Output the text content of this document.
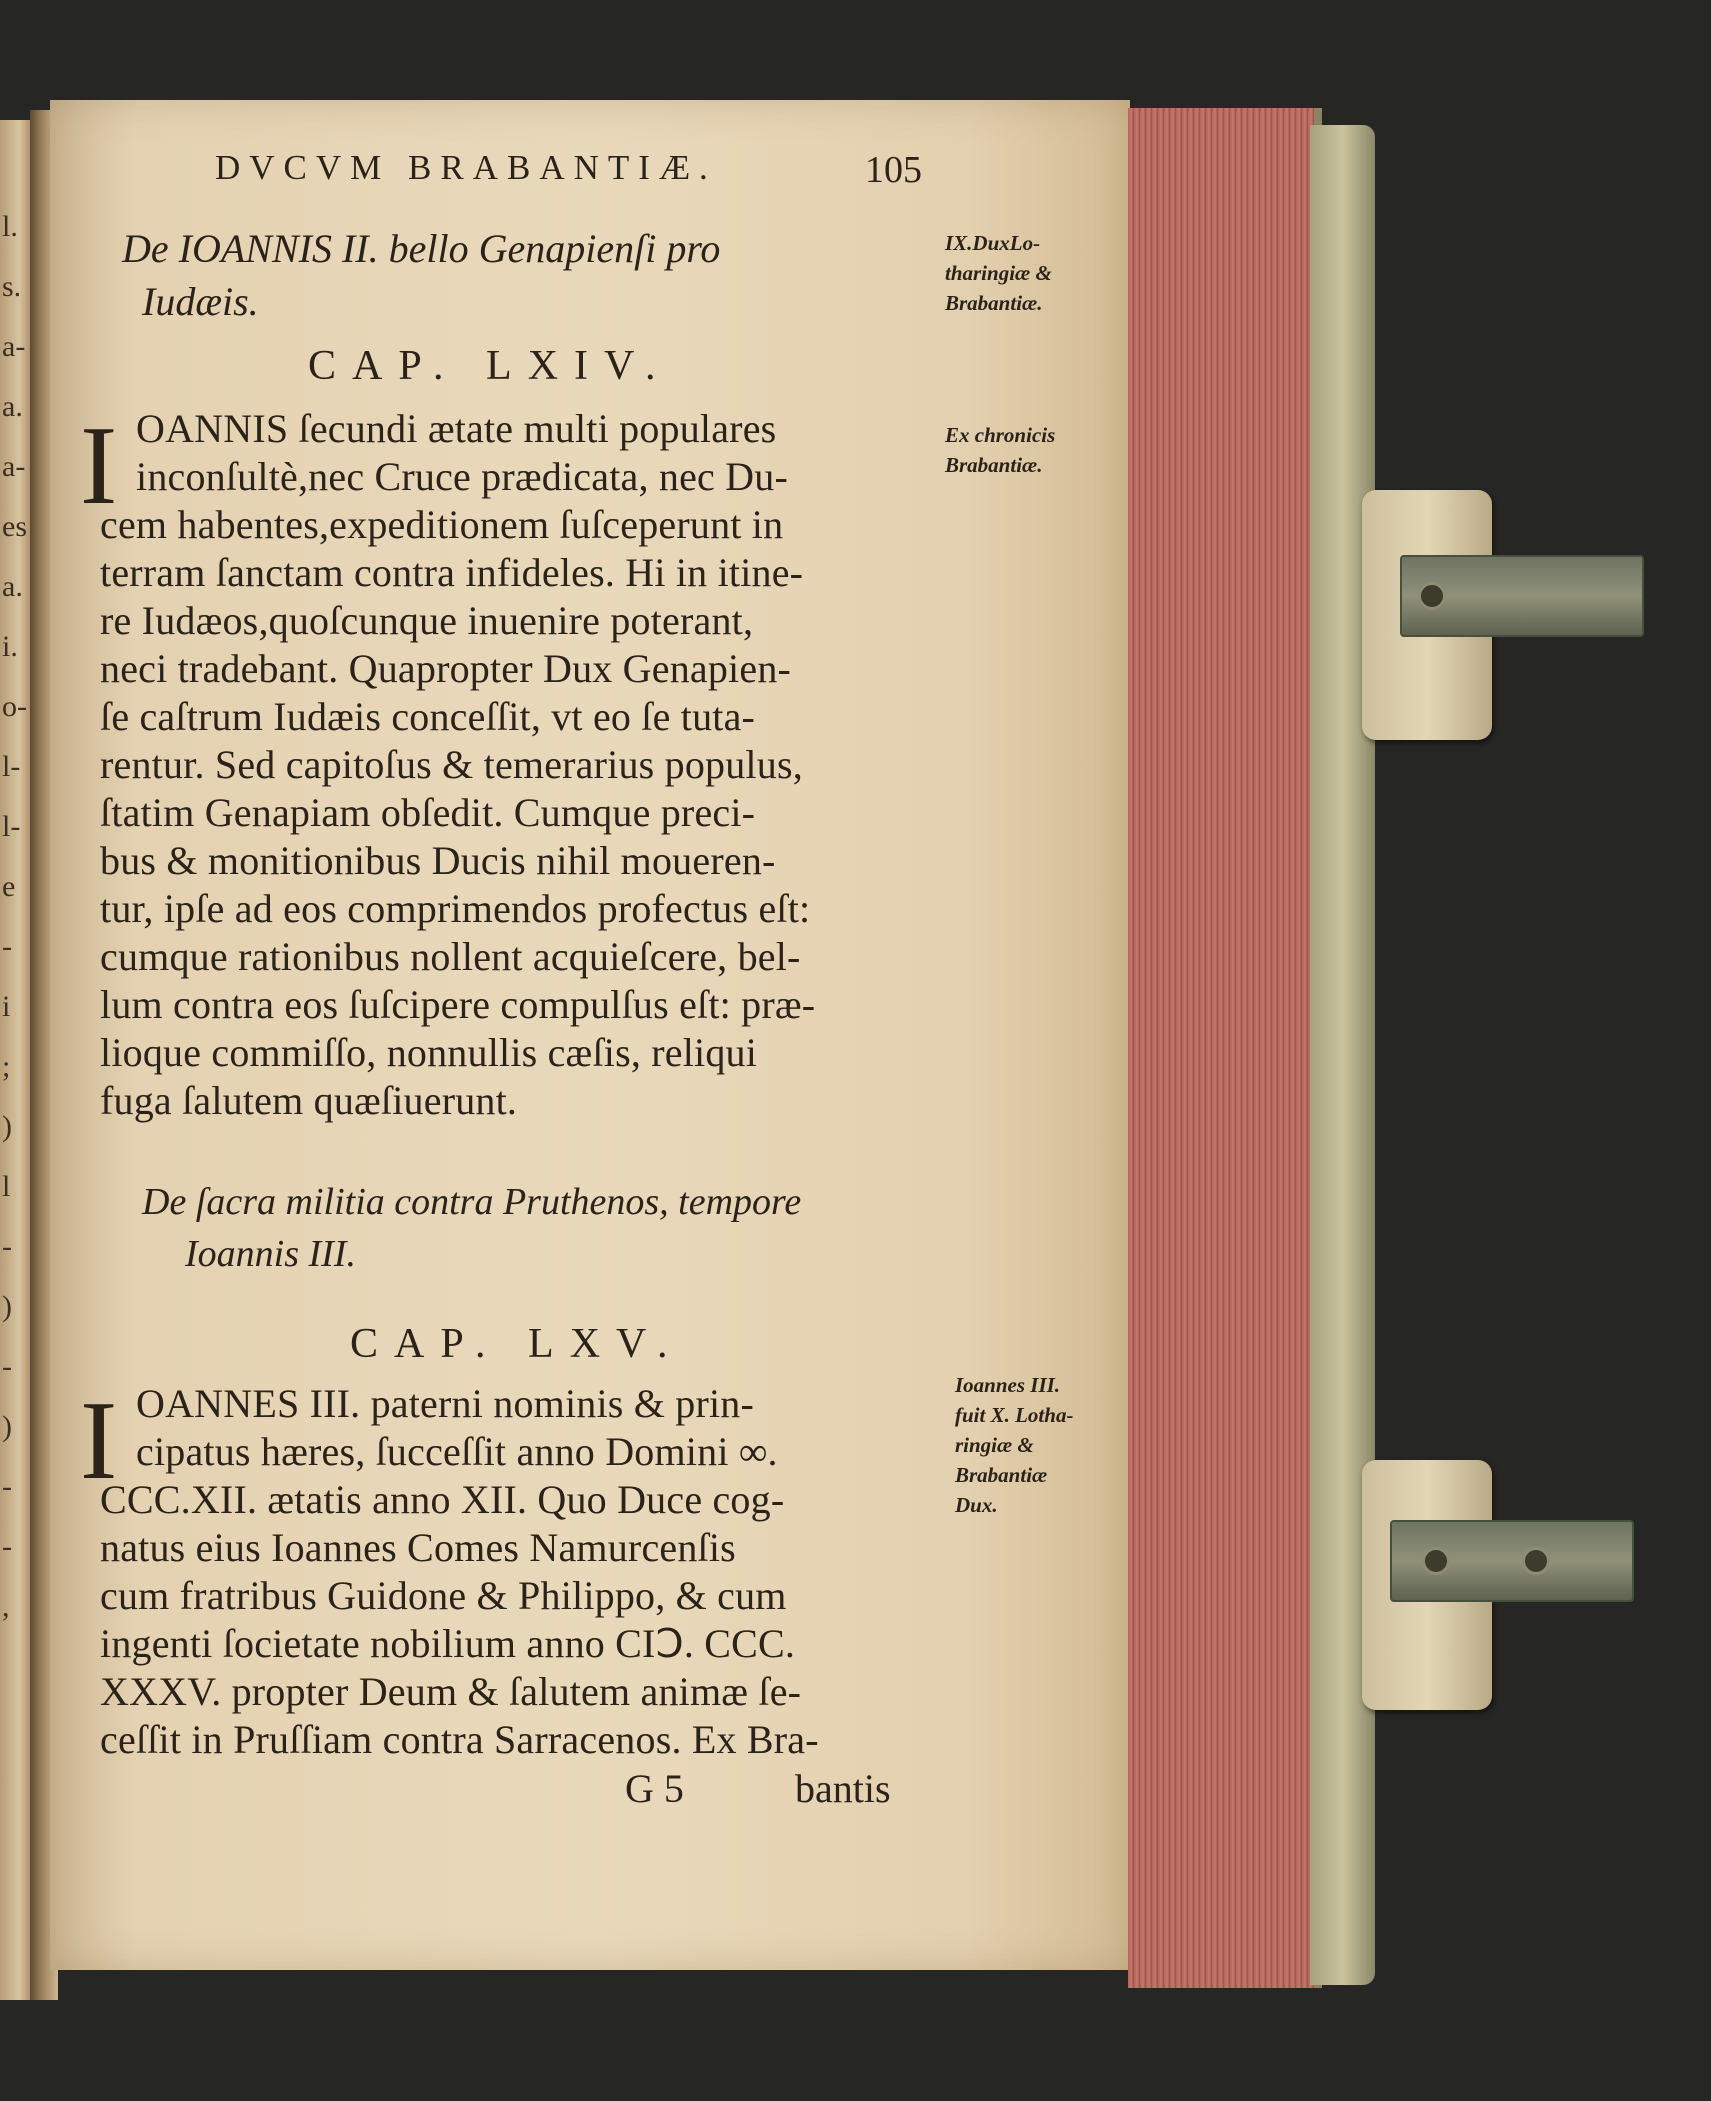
l.
s.
a-
a.
a-
es
a.
i.
o-
l-
l-
e
-
i
;
)
l
-
)
-
)
-
-
,
DVCVM BRABANTIÆ.	105
De IOANNIS II. bello Genapienſi pro
Iudæis.
CAP. LXIV.
I OANNIS ſecundi ætate multi populares
inconſultè,nec Cruce prædicata, nec Du-
cem habentes,expeditionem ſuſceperunt in
terram ſanctam contra infideles. Hi in itine-
re Iudæos,quoſcunque inuenire poterant,
neci tradebant. Quapropter Dux Genapien-
ſe caſtrum Iudæis conceſſit, vt eo ſe tuta-
rentur. Sed capitoſus & temerarius populus,
ſtatim Genapiam obſedit. Cumque preci-
bus & monitionibus Ducis nihil moueren-
tur, ipſe ad eos comprimendos profectus eſt:
cumque rationibus nollent acquieſcere, bel-
lum contra eos ſuſcipere compulſus eſt: præ-
lioque commiſſo, nonnullis cæſis, reliqui
fuga ſalutem quæſiuerunt.
IX.DuxLo-
tharingiæ &
Brabantiæ.
Ex chronicis
Brabantiæ.
De ſacra militia contra Pruthenos, tempore
Ioannis III.
CAP. LXV.
I OANNES III. paterni nominis & prin-
cipatus hæres, ſucceſſit anno Domini ∞.
CCC.XII. ætatis anno XII. Quo Duce cog-
natus eius Ioannes Comes Namurcenſis
cum fratribus Guidone & Philippo, & cum
ingenti ſocietate nobilium anno CIↃ. CCC.
XXXV. propter Deum & ſalutem animæ ſe-
ceſſit in Pruſſiam contra Sarracenos. Ex Bra-
Ioannes III.
fuit X. Lotha-
ringiæ &
Brabantiæ
Dux.
G 5	bantis
